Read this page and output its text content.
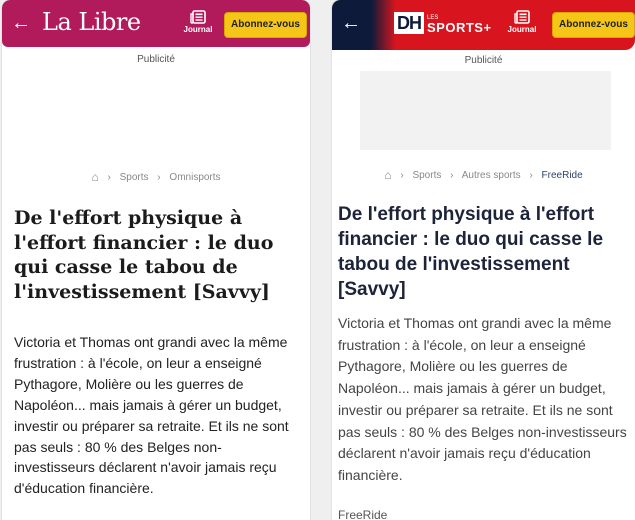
← La Libre	Journal	Abonnez-vous
Publicité
⌂ › Sports › Omnisports
De l'effort physique à l'effort financier : le duo qui casse le tabou de l'investissement [Savvy]

Victoria et Thomas ont grandi avec la même frustration : à l'école, on leur a enseigné Pythagore, Molière ou les guerres de Napoléon... mais jamais à gérer un budget, investir ou préparer sa retraite. Et ils ne sont pas seuls : 80 % des Belges non-investisseurs déclarent n'avoir jamais reçu d'éducation financière.

← DH	LES
SPORTS+	Journal	Abonnez-vous
Publicité
⌂ › Sports › Autres sports › FreeRide
De l'effort physique à l'effort financier : le duo qui casse le tabou de l'investissement [Savvy]

Victoria et Thomas ont grandi avec la même frustration : à l'école, on leur a enseigné Pythagore, Molière ou les guerres de Napoléon... mais jamais à gérer un budget, investir ou préparer sa retraite. Et ils ne sont pas seuls : 80 % des Belges non-investisseurs déclarent n'avoir jamais reçu d'éducation financière.

FreeRide
